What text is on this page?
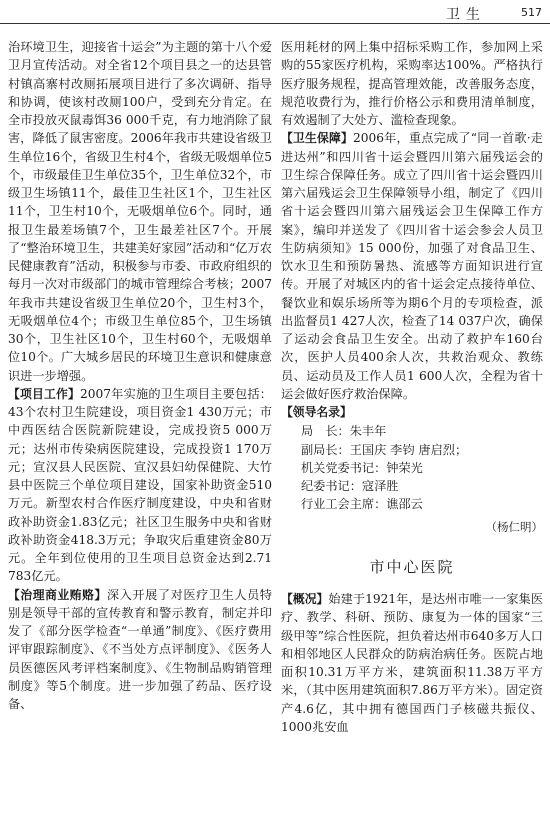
卫生	517

治环境卫生，迎接省十运会”为主题的第十八个爱卫月宣传活动。对全省12个项目县之一的达县管村镇高寨村改厕拓展项目进行了多次调研、指导和协调，使该村改厕100户，受到充分肯定。在全市投放灭鼠毒饵36 000千克，有力地消除了鼠害，降低了鼠害密度。2006年我市共建设省级卫生单位16个，省级卫生村4个，省级无吸烟单位5个，市级最佳卫生单位35个，卫生单位32个，市级卫生场镇11个，最佳卫生社区1个，卫生社区11个，卫生村10个，无吸烟单位6个。同时，通报卫生最差场镇7个，卫生最差社区7个。开展了“整治环境卫生，共建美好家园”活动和“亿万农民健康教育”活动，积极参与市委、市政府组织的每月一次对市级部门的城市管理综合考核；2007年我市共建设省级卫生单位20个，卫生村3个，无吸烟单位4个；市级卫生单位85个，卫生场镇30个，卫生社区10个，卫生村60个，无吸烟单位10个。广大城乡居民的环境卫生意识和健康意识进一步增强。

【项目工作】2007年实施的卫生项目主要包括：43个农村卫生院建设，项目资金1 430万元；市中西医结合医院新院建设，完成投资5 000万元；达州市传染病医院建设，完成投资1 170万元；宣汉县人民医院、宣汉县妇幼保健院、大竹县中医院三个单位项目建设，国家补助资金510万元。新型农村合作医疗制度建设，中央和省财政补助资金1.83亿元；社区卫生服务中央和省财政补助资金418.3万元；争取灾后重建资金80万元。全年到位使用的卫生项目总资金达到2.71 783亿元。

【治理商业贿赂】深入开展了对医疗卫生人员特别是领导干部的宣传教育和警示教育，制定并印发了《部分医学检查“一单通”制度》、《医疗费用评审跟踪制度》、《不当处方点评制度》、《医务人员医德医风考评档案制度》、《生物制品购销管理制度》等5个制度。进一步加强了药品、医疗设备、

医用耗材的网上集中招标采购工作，参加网上采购的55家医疗机构，采购率达100%。严格执行医疗服务规程，提高管理效能，改善服务态度，规范收费行为，推行价格公示和费用清单制度，有效遏制了大处方、滥检查现象。

【卫生保障】2006年，重点完成了“同一首歌·走进达州”和四川省十运会暨四川第六届残运会的卫生综合保障任务。成立了四川省十运会暨四川第六届残运会卫生保障领导小组，制定了《四川省十运会暨四川第六届残运会卫生保障工作方案》，编印并送发了《四川省十运会参会人员卫生防病须知》15 000份，加强了对食品卫生、饮水卫生和预防暑热、流感等方面知识进行宣传。开展了对城区内的省十运会定点接待单位、餐饮业和娱乐场所等为期6个月的专项检查，派出监督员1 427人次，检查了14 037户次，确保了运动会食品卫生安全。出动了救护车160台次，医护人员400余人次，共救治观众、教练员、运动员及工作人员1 600人次，全程为省十运会做好医疗救治保障。

【领导名录】

局　长：朱丰年
副局长：王国庆 李钧 唐启烈；
机关党委书记：钟荣光
纪委书记：寇泽胜
行业工会主席：谯邵云
（杨仁明）
市中心医院

【概况】始建于1921年，是达州市唯一一家集医疗、教学、科研、预防、康复为一体的国家“三级甲等”综合性医院，担负着达州市640多万人口和相邻地区人民群众的防病治病任务。医院占地面积10.31万平方米，建筑面积11.38万平方米，（其中医用建筑面积7.86万平方米）。固定资产4.6亿，其中拥有德国西门子核磁共振仪、1000兆安血
